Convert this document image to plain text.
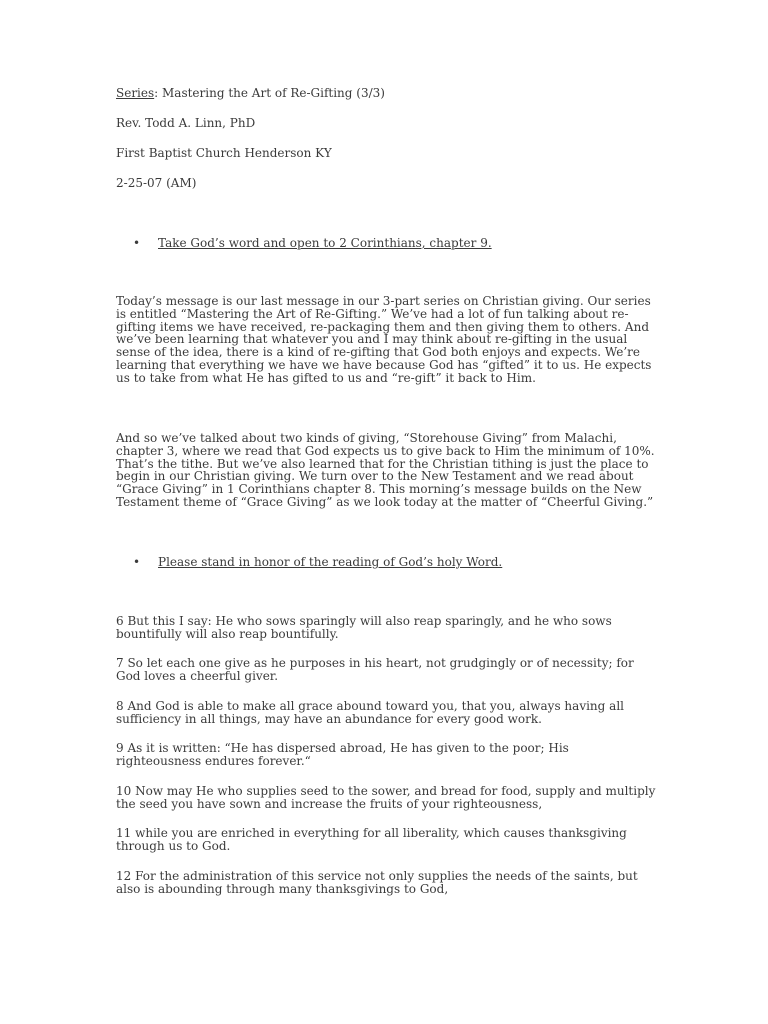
Series: Mastering the Art of Re-Gifting (3/3)

Rev. Todd A. Linn, PhD

First Baptist Church Henderson KY

2-25-07 (AM)

•	Take God’s word and open to 2 Corinthians, chapter 9.

Today’s message is our last message in our 3-part series on Christian giving. Our series is entitled “Mastering the Art of Re-Gifting.” We’ve had a lot of fun talking about re-gifting items we have received, re-packaging them and then giving them to others. And we’ve been learning that whatever you and I may think about re-gifting in the usual sense of the idea, there is a kind of re-gifting that God both enjoys and expects. We’re learning that everything we have we have because God has “gifted” it to us. He expects us to take from what He has gifted to us and “re-gift” it back to Him.

And so we’ve talked about two kinds of giving, “Storehouse Giving” from Malachi, chapter 3, where we read that God expects us to give back to Him the minimum of 10%. That’s the tithe. But we’ve also learned that for the Christian tithing is just the place to begin in our Christian giving. We turn over to the New Testament and we read about “Grace Giving” in 1 Corinthians chapter 8. This morning’s message builds on the New Testament theme of “Grace Giving” as we look today at the matter of “Cheerful Giving.”

•	Please stand in honor of the reading of God’s holy Word.

6 But this I say: He who sows sparingly will also reap sparingly, and he who sows bountifully will also reap bountifully.

7 So let each one give as he purposes in his heart, not grudgingly or of necessity; for God loves a cheerful giver.

8 And God is able to make all grace abound toward you, that you, always having all sufficiency in all things, may have an abundance for every good work.

9 As it is written: “He has dispersed abroad, He has given to the poor; His righteousness endures forever.“

10 Now may He who supplies seed to the sower, and bread for food, supply and multiply the seed you have sown and increase the fruits of your righteousness,

11 while you are enriched in everything for all liberality, which causes thanksgiving through us to God.

12 For the administration of this service not only supplies the needs of the saints, but also is abounding through many thanksgivings to God,
